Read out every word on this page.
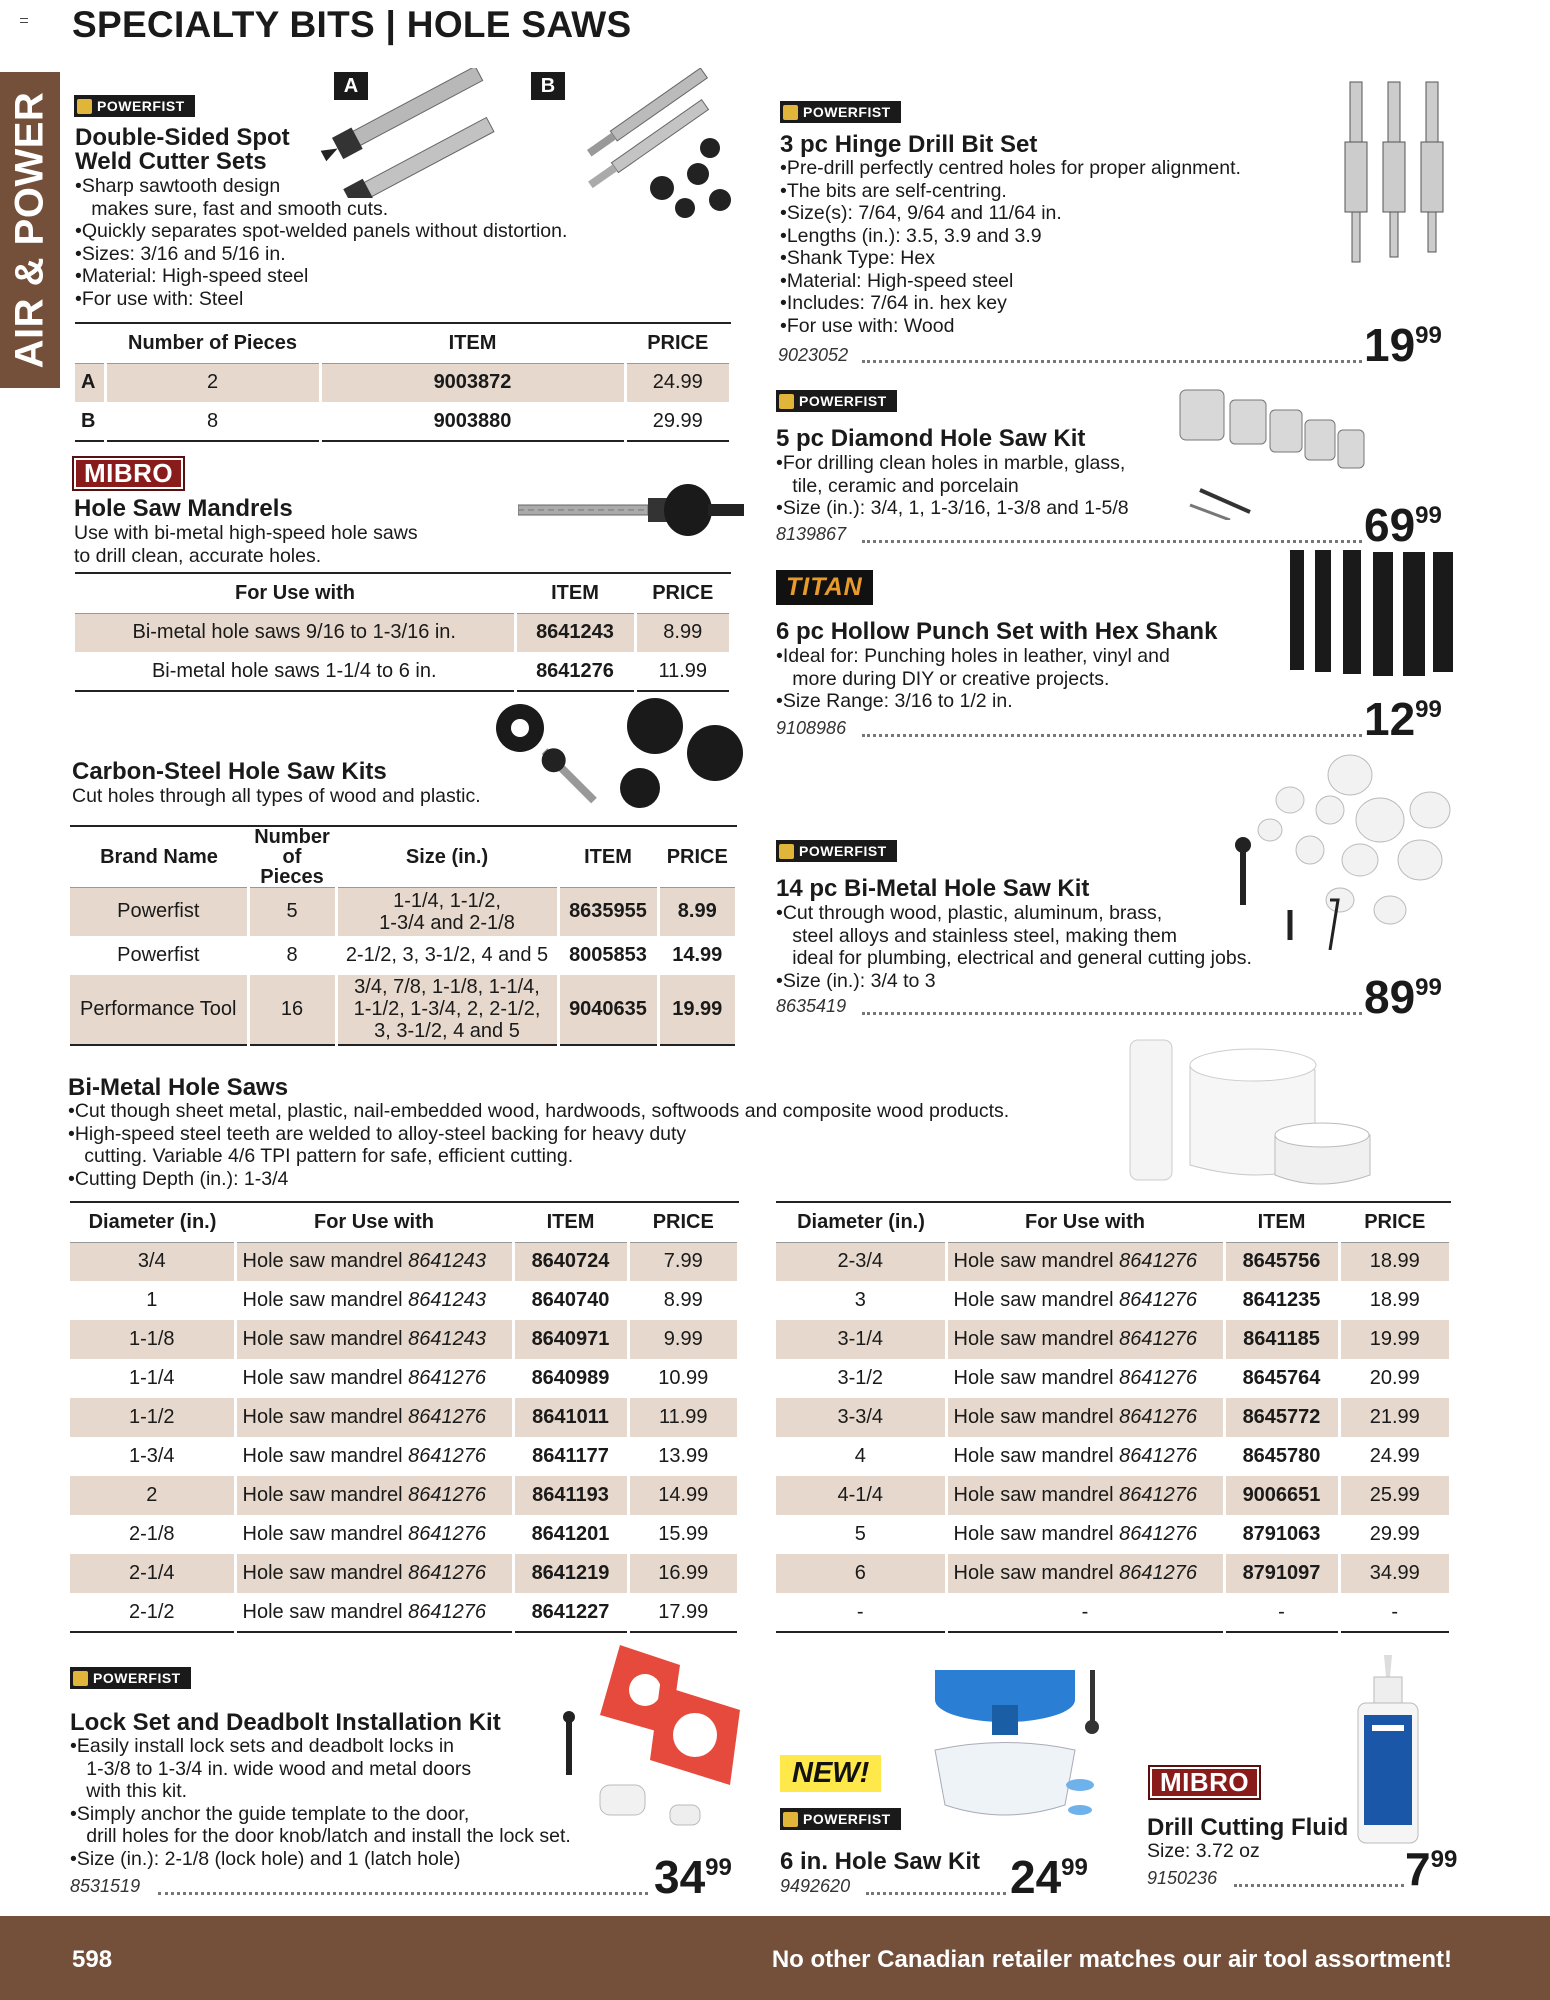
SPECIALTY BITS | HOLE SAWS
AIR & POWER	POWERFIST
Double-Sided Spot
Weld Cutter Sets
•Sharp sawtooth design
makes sure, fast and smooth cuts.
•Quickly separates spot-welded panels without distortion.
•Sizes: 3/16 and 5/16 in.
•Material: High-speed steel
•For use with: Steel
A	B
	Number of Pieces	ITEM	PRICE
A	2	9003872	24.99
B	8	9003880	29.99
MIBRO
Hole Saw Mandrels
Use with bi-metal high-speed hole saws
to drill clean, accurate holes.
For Use with	ITEM	PRICE
Bi-metal hole saws 9/16 to 1-3/16 in.	8641243	8.99
Bi-metal hole saws 1-1/4 to 6 in.	8641276	11.99
Carbon-Steel Hole Saw Kits
Cut holes through all types of wood and plastic.
Brand Name	Number of Pieces	Size (in.)	ITEM	PRICE
Powerfist	5	1-1/4, 1-1/2,
1-3/4 and 2-1/8	8635955	8.99
Powerfist	8	2-1/2, 3, 3-1/2, 4 and 5	8005853	14.99
Performance Tool	16	3/4, 7/8, 1-1/8, 1-1/4,
1-1/2, 1-3/4, 2, 2-1/2,
3, 3-1/2, 4 and 5	9040635	19.99
POWERFIST
3 pc Hinge Drill Bit Set
•Pre-drill perfectly centred holes for proper alignment.
•The bits are self-centring.
•Size(s): 7/64, 9/64 and 11/64 in.
•Lengths (in.): 3.5, 3.9 and 3.9
•Shank Type: Hex
•Material: High-speed steel
•Includes: 7/64 in. hex key
•For use with: Wood
9023052	$19^{99}$
POWERFIST
5 pc Diamond Hole Saw Kit
•For drilling clean holes in marble, glass,
tile, ceramic and porcelain
•Size (in.): 3/4, 1, 1-3/16, 1-3/8 and 1-5/8
8139867	$69^{99}$
TITAN
6 pc Hollow Punch Set with Hex Shank
•Ideal for: Punching holes in leather, vinyl and
more during DIY or creative projects.
•Size Range: 3/16 to 1/2 in.
9108986	$12^{99}$
POWERFIST
14 pc Bi-Metal Hole Saw Kit
•Cut through wood, plastic, aluminum, brass,
steel alloys and stainless steel, making them
ideal for plumbing, electrical and general cutting jobs.
•Size (in.): 3/4 to 3
8635419	$89^{99}$
Bi-Metal Hole Saws
•Cut though sheet metal, plastic, nail-embedded wood, hardwoods, softwoods and composite wood products.
•High-speed steel teeth are welded to alloy-steel backing for heavy duty
cutting. Variable 4/6 TPI pattern for safe, efficient cutting.
•Cutting Depth (in.): 1-3/4
Diameter (in.)	For Use with	ITEM	PRICE
3/4	Hole saw mandrel 8641243	8640724	7.99
1	Hole saw mandrel 8641243	8640740	8.99
1-1/8	Hole saw mandrel 8641243	8640971	9.99
1-1/4	Hole saw mandrel 8641276	8640989	10.99
1-1/2	Hole saw mandrel 8641276	8641011	11.99
1-3/4	Hole saw mandrel 8641276	8641177	13.99
2	Hole saw mandrel 8641276	8641193	14.99
2-1/8	Hole saw mandrel 8641276	8641201	15.99
2-1/4	Hole saw mandrel 8641276	8641219	16.99
2-1/2	Hole saw mandrel 8641276	8641227	17.99
Diameter (in.)	For Use with	ITEM	PRICE
2-3/4	Hole saw mandrel 8641276	8645756	18.99
3	Hole saw mandrel 8641276	8641235	18.99
3-1/4	Hole saw mandrel 8641276	8641185	19.99
3-1/2	Hole saw mandrel 8641276	8645764	20.99
3-3/4	Hole saw mandrel 8641276	8645772	21.99
4	Hole saw mandrel 8641276	8645780	24.99
4-1/4	Hole saw mandrel 8641276	9006651	25.99
5	Hole saw mandrel 8641276	8791063	29.99
6	Hole saw mandrel 8641276	8791097	34.99
-	-	-	-
POWERFIST
Lock Set and Deadbolt Installation Kit
•Easily install lock sets and deadbolt locks in
1-3/8 to 1-3/4 in. wide wood and metal doors
with this kit.
•Simply anchor the guide template to the door,
drill holes for the door knob/latch and install the lock set.
•Size (in.): 2-1/8 (lock hole) and 1 (latch hole)
8531519	$34^{99}$
NEW!
POWERFIST
6 in. Hole Saw Kit
9492620	$24^{99}$
MIBRO
Drill Cutting Fluid
Size: 3.72 oz
9150236	$7^{99}$
598	No other Canadian retailer matches our air tool assortment!
